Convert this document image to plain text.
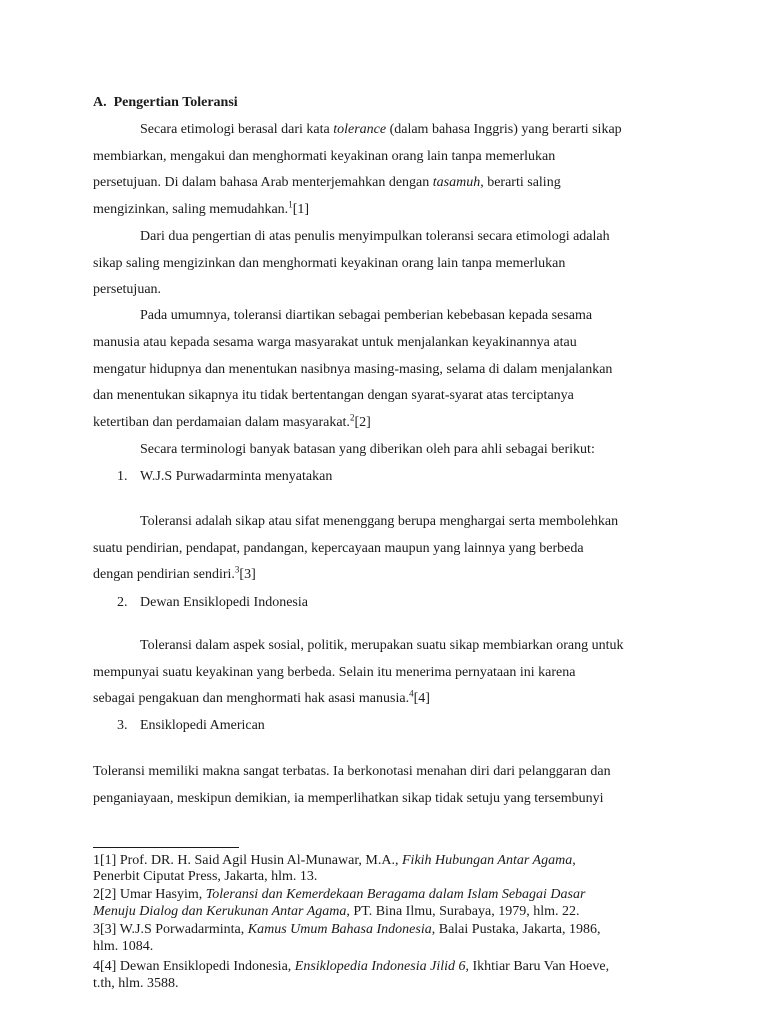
A. Pengertian Toleransi
Secara etimologi berasal dari kata tolerance (dalam bahasa Inggris) yang berarti sikap
membiarkan, mengakui dan menghormati keyakinan orang lain tanpa memerlukan
persetujuan. Di dalam bahasa Arab menterjemahkan dengan tasamuh, berarti saling
mengizinkan, saling memudahkan.$^1$[1]
Dari dua pengertian di atas penulis menyimpulkan toleransi secara etimologi adalah
sikap saling mengizinkan dan menghormati keyakinan orang lain tanpa memerlukan
persetujuan.
Pada umumnya, toleransi diartikan sebagai pemberian kebebasan kepada sesama
manusia atau kepada sesama warga masyarakat untuk menjalankan keyakinannya atau
mengatur hidupnya dan menentukan nasibnya masing-masing, selama di dalam menjalankan
dan menentukan sikapnya itu tidak bertentangan dengan syarat-syarat atas terciptanya
ketertiban dan perdamaian dalam masyarakat.$^2$[2]
Secara terminologi banyak batasan yang diberikan oleh para ahli sebagai berikut:
1. W.J.S Purwadarminta menyatakan
Toleransi adalah sikap atau sifat menenggang berupa menghargai serta membolehkan
suatu pendirian, pendapat, pandangan, kepercayaan maupun yang lainnya yang berbeda
dengan pendirian sendiri.$^3$[3]
2. Dewan Ensiklopedi Indonesia
Toleransi dalam aspek sosial, politik, merupakan suatu sikap membiarkan orang untuk
mempunyai suatu keyakinan yang berbeda. Selain itu menerima pernyataan ini karena
sebagai pengakuan dan menghormati hak asasi manusia.$^4$[4]
3. Ensiklopedi American
Toleransi memiliki makna sangat terbatas. Ia berkonotasi menahan diri dari pelanggaran dan
penganiayaan, meskipun demikian, ia memperlihatkan sikap tidak setuju yang tersembunyi
1[1] Prof. DR. H. Said Agil Husin Al-Munawar, M.A., Fikih Hubungan Antar Agama,
Penerbit Ciputat Press, Jakarta, hlm. 13.
2[2] Umar Hasyim, Toleransi dan Kemerdekaan Beragama dalam Islam Sebagai Dasar
Menuju Dialog dan Kerukunan Antar Agama, PT. Bina Ilmu, Surabaya, 1979, hlm. 22.
3[3] W.J.S Porwadarminta, Kamus Umum Bahasa Indonesia, Balai Pustaka, Jakarta, 1986,
hlm. 1084.
4[4] Dewan Ensiklopedi Indonesia, Ensiklopedia Indonesia Jilid 6, Ikhtiar Baru Van Hoeve,
t.th, hlm. 3588.
